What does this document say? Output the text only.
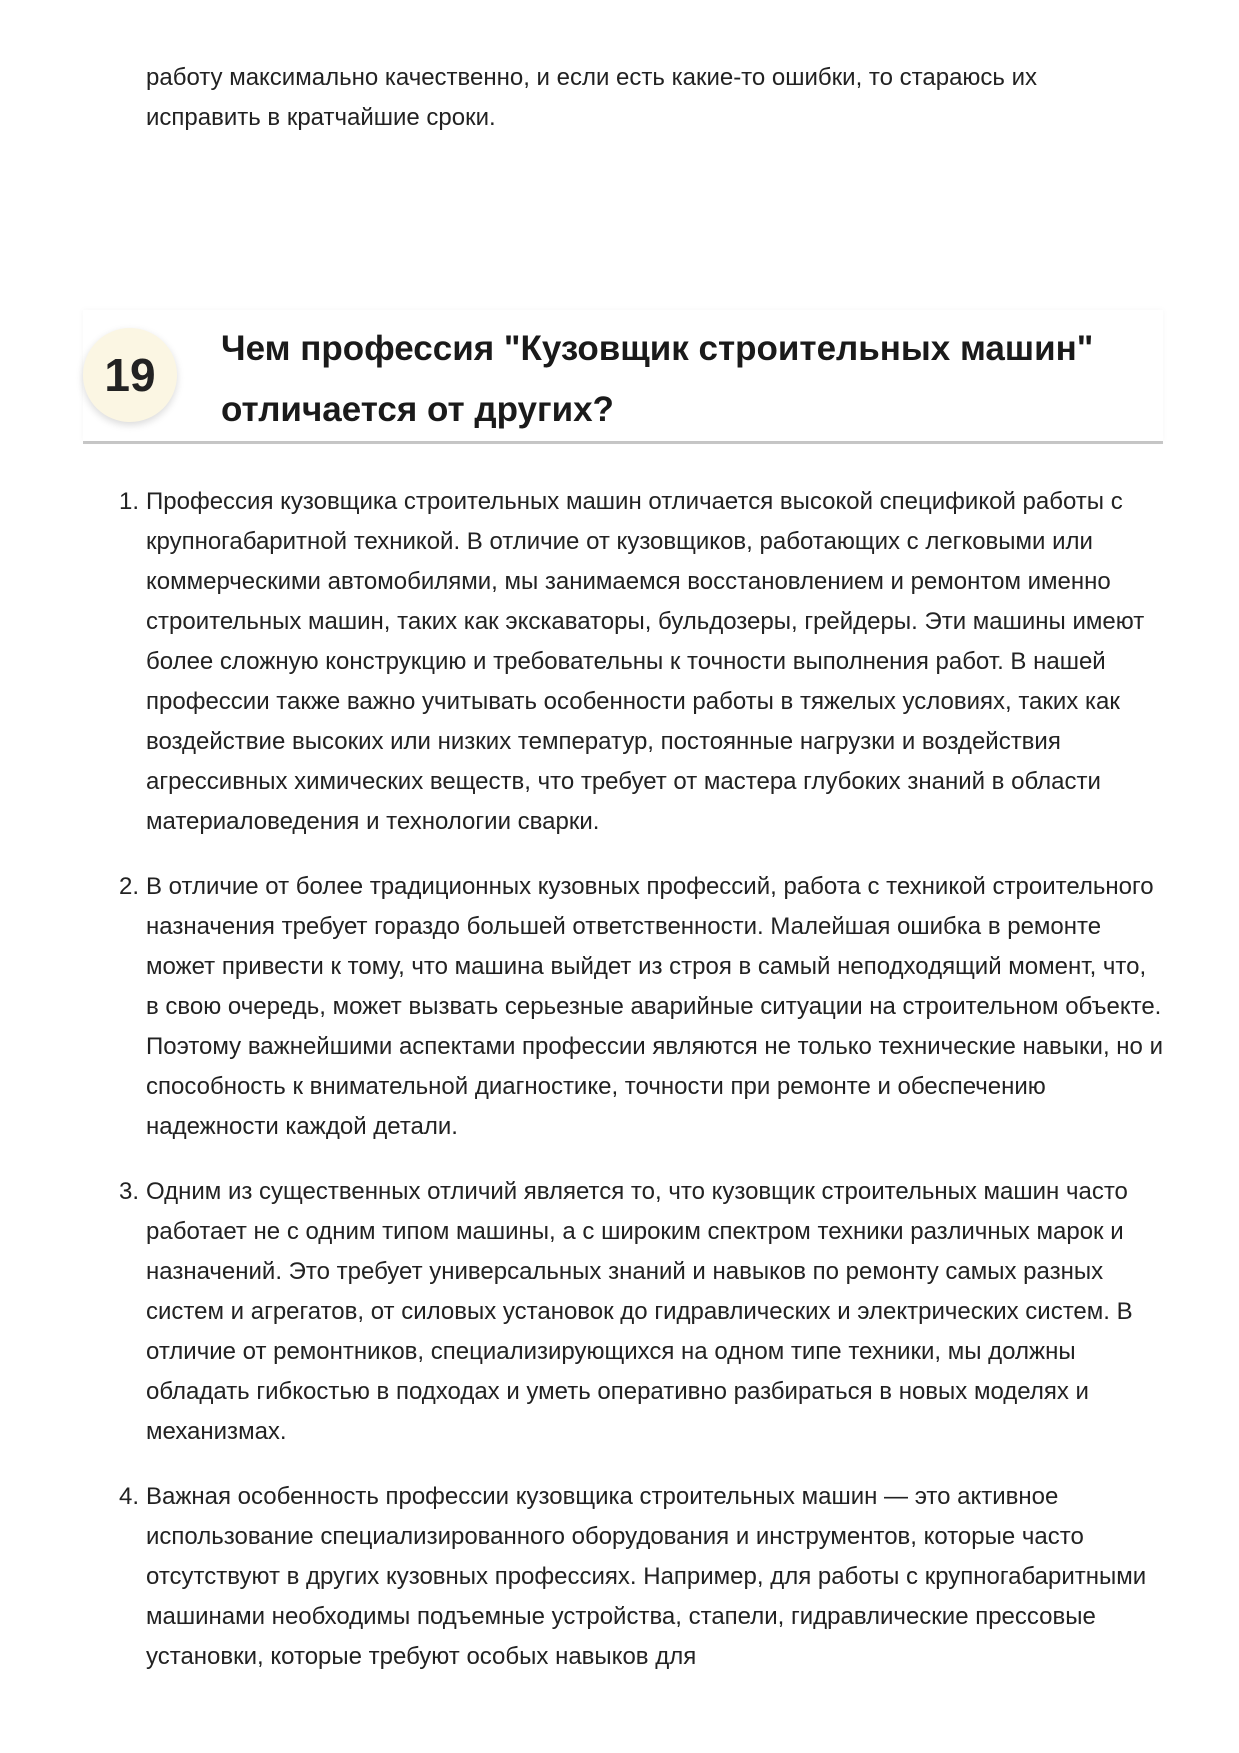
работу максимально качественно, и если есть какие-то ошибки, то стараюсь их исправить в кратчайшие сроки.

19
Чем профессия "Кузовщик строительных машин" отличается от других?
1. Профессия кузовщика строительных машин отличается высокой спецификой работы с крупногабаритной техникой. В отличие от кузовщиков, работающих с легковыми или коммерческими автомобилями, мы занимаемся восстановлением и ремонтом именно строительных машин, таких как экскаваторы, бульдозеры, грейдеры. Эти машины имеют более сложную конструкцию и требовательны к точности выполнения работ. В нашей профессии также важно учитывать особенности работы в тяжелых условиях, таких как воздействие высоких или низких температур, постоянные нагрузки и воздействия агрессивных химических веществ, что требует от мастера глубоких знаний в области материаловедения и технологии сварки.
2. В отличие от более традиционных кузовных профессий, работа с техникой строительного назначения требует гораздо большей ответственности. Малейшая ошибка в ремонте может привести к тому, что машина выйдет из строя в самый неподходящий момент, что, в свою очередь, может вызвать серьезные аварийные ситуации на строительном объекте. Поэтому важнейшими аспектами профессии являются не только технические навыки, но и способность к внимательной диагностике, точности при ремонте и обеспечению надежности каждой детали.
3. Одним из существенных отличий является то, что кузовщик строительных машин часто работает не с одним типом машины, а с широким спектром техники различных марок и назначений. Это требует универсальных знаний и навыков по ремонту самых разных систем и агрегатов, от силовых установок до гидравлических и электрических систем. В отличие от ремонтников, специализирующихся на одном типе техники, мы должны обладать гибкостью в подходах и уметь оперативно разбираться в новых моделях и механизмах.
4. Важная особенность профессии кузовщика строительных машин — это активное использование специализированного оборудования и инструментов, которые часто отсутствуют в других кузовных профессиях. Например, для работы с крупногабаритными машинами необходимы подъемные устройства, стапели, гидравлические прессовые установки, которые требуют особых навыков для
